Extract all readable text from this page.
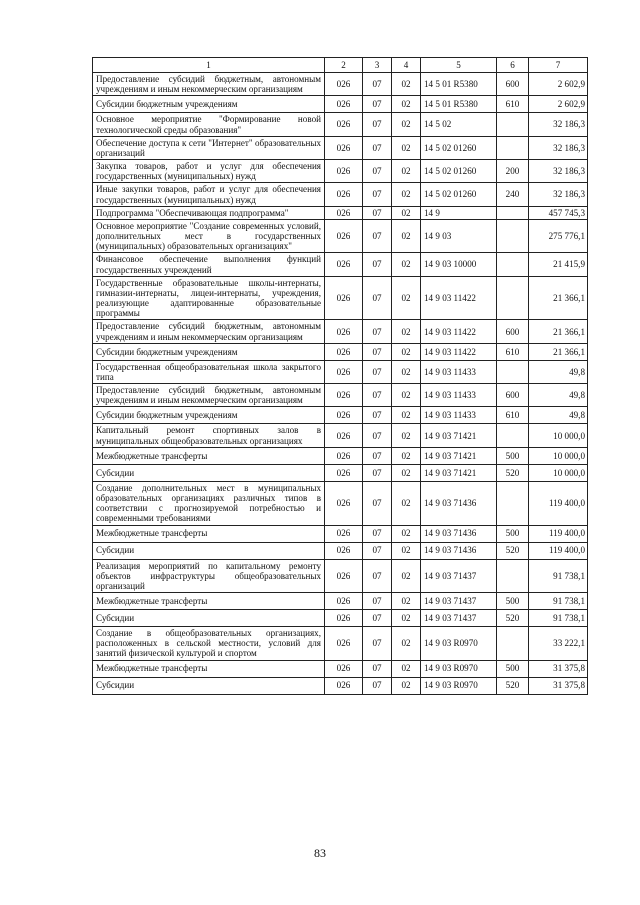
1	2	3	4	5	6	7
Предоставление субсидий бюджетным, автономным учреждениям и иным некоммерческим организациям	026	07	02	14 5 01 R5380	600	2 602,9
Субсидии бюджетным учреждениям	026	07	02	14 5 01 R5380	610	2 602,9
Основное мероприятие "Формирование новой технологической среды образования"	026	07	02	14 5 02		32 186,3
Обеспечение доступа к сети "Интернет" образовательных организаций	026	07	02	14 5 02 01260		32 186,3
Закупка товаров, работ и услуг для обеспечения государственных (муниципальных) нужд	026	07	02	14 5 02 01260	200	32 186,3
Иные закупки товаров, работ и услуг для обеспечения государственных (муниципальных) нужд	026	07	02	14 5 02 01260	240	32 186,3
Подпрограмма "Обеспечивающая подпрограмма"	026	07	02	14 9		457 745,3
Основное мероприятие "Создание современных условий, дополнительных мест в государственных (муниципальных) образовательных организациях"	026	07	02	14 9 03		275 776,1
Финансовое обеспечение выполнения функций государственных учреждений	026	07	02	14 9 03 10000		21 415,9
Государственные образовательные школы-интернаты, гимназии-интернаты, лицеи-интернаты, учреждения, реализующие адаптированные образовательные программы	026	07	02	14 9 03 11422		21 366,1
Предоставление субсидий бюджетным, автономным учреждениям и иным некоммерческим организациям	026	07	02	14 9 03 11422	600	21 366,1
Субсидии бюджетным учреждениям	026	07	02	14 9 03 11422	610	21 366,1
Государственная общеобразовательная школа закрытого типа	026	07	02	14 9 03 11433		49,8
Предоставление субсидий бюджетным, автономным учреждениям и иным некоммерческим организациям	026	07	02	14 9 03 11433	600	49,8
Субсидии бюджетным учреждениям	026	07	02	14 9 03 11433	610	49,8
Капитальный ремонт спортивных залов в муниципальных общеобразовательных организациях	026	07	02	14 9 03 71421		10 000,0
Межбюджетные трансферты	026	07	02	14 9 03 71421	500	10 000,0
Субсидии	026	07	02	14 9 03 71421	520	10 000,0
Создание дополнительных мест в муниципальных образовательных организациях различных типов в соответствии с прогнозируемой потребностью и современными требованиями	026	07	02	14 9 03 71436		119 400,0
Межбюджетные трансферты	026	07	02	14 9 03 71436	500	119 400,0
Субсидии	026	07	02	14 9 03 71436	520	119 400,0
Реализация мероприятий по капитальному ремонту объектов инфраструктуры общеобразовательных организаций	026	07	02	14 9 03 71437		91 738,1
Межбюджетные трансферты	026	07	02	14 9 03 71437	500	91 738,1
Субсидии	026	07	02	14 9 03 71437	520	91 738,1
Создание в общеобразовательных организациях, расположенных в сельской местности, условий для занятий физической культурой и спортом	026	07	02	14 9 03 R0970		33 222,1
Межбюджетные трансферты	026	07	02	14 9 03 R0970	500	31 375,8
Субсидии	026	07	02	14 9 03 R0970	520	31 375,8
83
